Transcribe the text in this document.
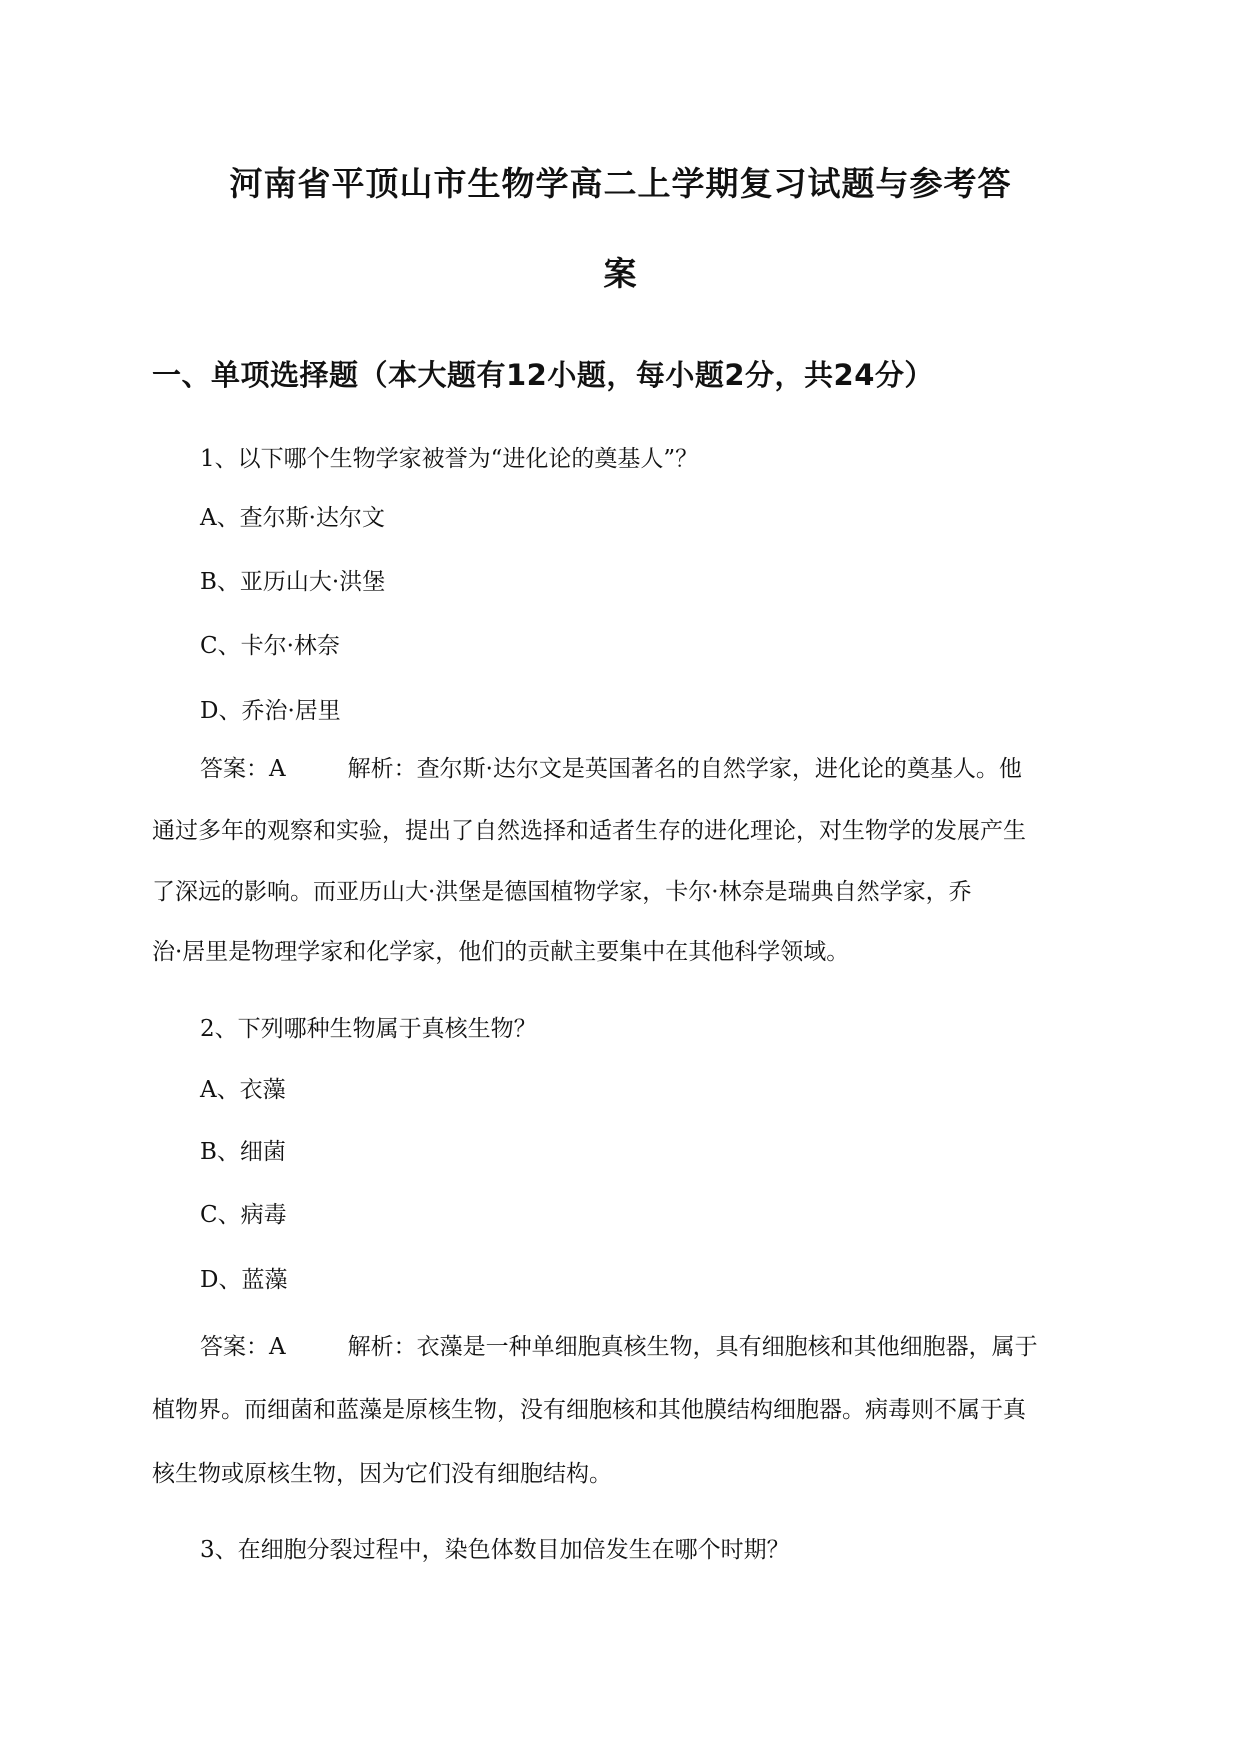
河南省平顶山市生物学高二上学期复习试题与参考答
案
一、单项选择题（本大题有12小题，每小题2分，共24分）
1、以下哪个生物学家被誉为“进化论的奠基人”？
A、查尔斯·达尔文
B、亚历山大·洪堡
C、卡尔·林奈
D、乔治·居里
答案：A	解析：查尔斯·达尔文是英国著名的自然学家，进化论的奠基人。他
通过多年的观察和实验，提出了自然选择和适者生存的进化理论，对生物学的发展产生
了深远的影响。而亚历山大·洪堡是德国植物学家，卡尔·林奈是瑞典自然学家，乔
治·居里是物理学家和化学家，他们的贡献主要集中在其他科学领域。
2、下列哪种生物属于真核生物？
A、衣藻
B、细菌
C、病毒
D、蓝藻
答案：A	解析：衣藻是一种单细胞真核生物，具有细胞核和其他细胞器，属于
植物界。而细菌和蓝藻是原核生物，没有细胞核和其他膜结构细胞器。病毒则不属于真
核生物或原核生物，因为它们没有细胞结构。
3、在细胞分裂过程中，染色体数目加倍发生在哪个时期？
